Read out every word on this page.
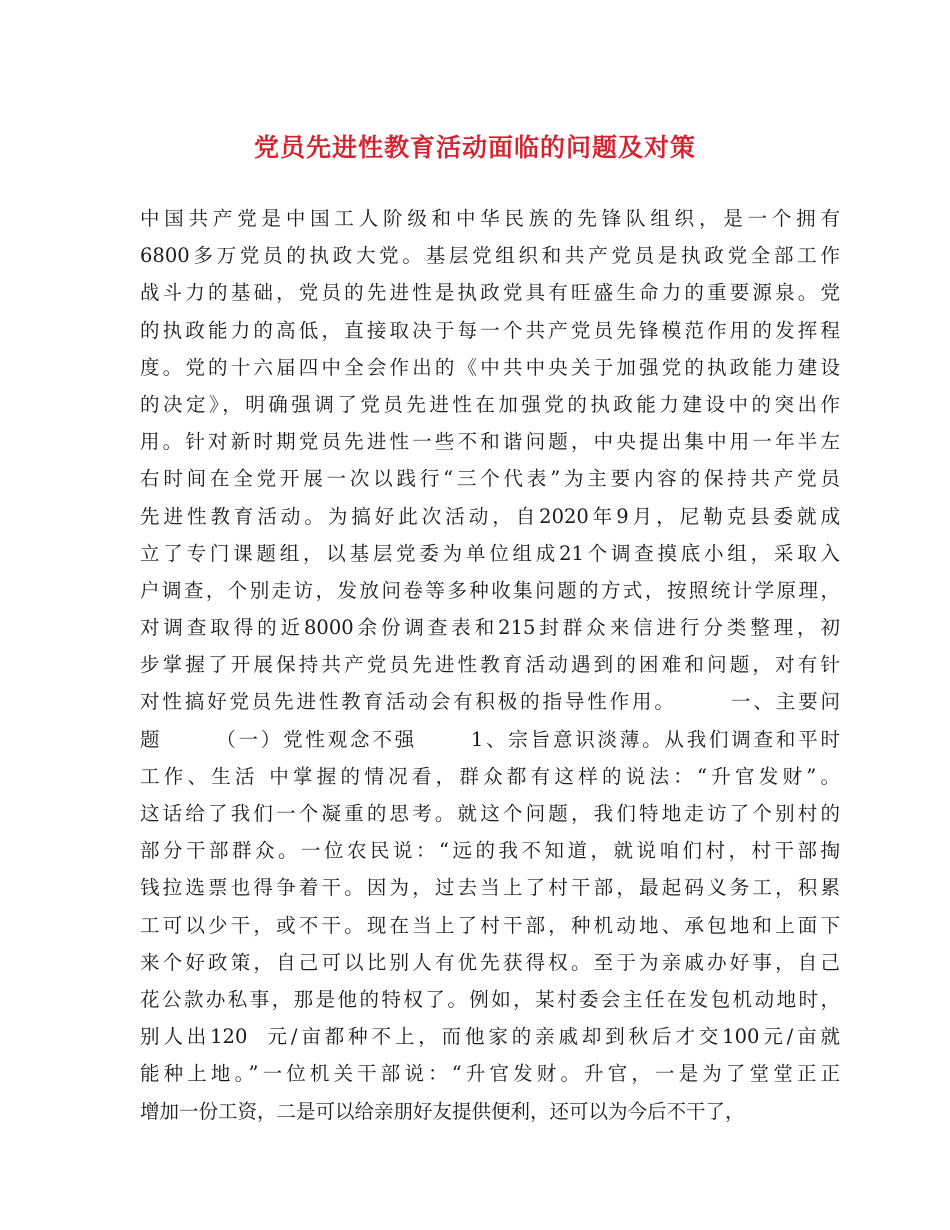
党员先进性教育活动面临的问题及对策
中国共产党是中国工人阶级和中华民族的先锋队组织，是一个拥有
6800多万党员的执政大党。基层党组织和共产党员是执政党全部工作
战斗力的基础，党员的先进性是执政党具有旺盛生命力的重要源泉。党
的执政能力的高低，直接取决于每一个共产党员先锋模范作用的发挥程
度。党的十六届四中全会作出的《中共中央关于加强党的执政能力建设
的决定》，明确强调了党员先进性在加强党的执政能力建设中的突出作
用。针对新时期党员先进性一些不和谐问题，中央提出集中用一年半左
右时间在全党开展一次以践行“三个代表”为主要内容的保持共产党员
先进性教育活动。为搞好此次活动，自2020年9月，尼勒克县委就成
立了专门课题组，以基层党委为单位组成21个调查摸底小组，采取入
户调查，个别走访，发放问卷等多种收集问题的方式，按照统计学原理，
对调查取得的近8000余份调查表和215封群众来信进行分类整理，初
步掌握了开展保持共产党员先进性教育活动遇到的困难和问题，对有针
对性搞好党员先进性教育活动会有积极的指导性作用。      一、主要问
题      （一）党性观念不强      1、宗旨意识淡薄。从我们调查和平时
工作、生活 中掌握的情况看，群众都有这样的说法：“升官发财”。
这话给了我们一个凝重的思考。就这个问题，我们特地走访了个别村的
部分干部群众。一位农民说：“远的我不知道，就说咱们村，村干部掏
钱拉选票也得争着干。因为，过去当上了村干部，最起码义务工，积累
工可以少干，或不干。现在当上了村干部，种机动地、承包地和上面下
来个好政策，自己可以比别人有优先获得权。至于为亲戚办好事，自己
花公款办私事，那是他的特权了。例如，某村委会主任在发包机动地时，
别人出120  元/亩都种不上，而他家的亲戚却到秋后才交100元/亩就
能种上地。”一位机关干部说：“升官发财。升官，一是为了堂堂正正
增加一份工资，二是可以给亲朋好友提供便利，还可以为今后不干了，
